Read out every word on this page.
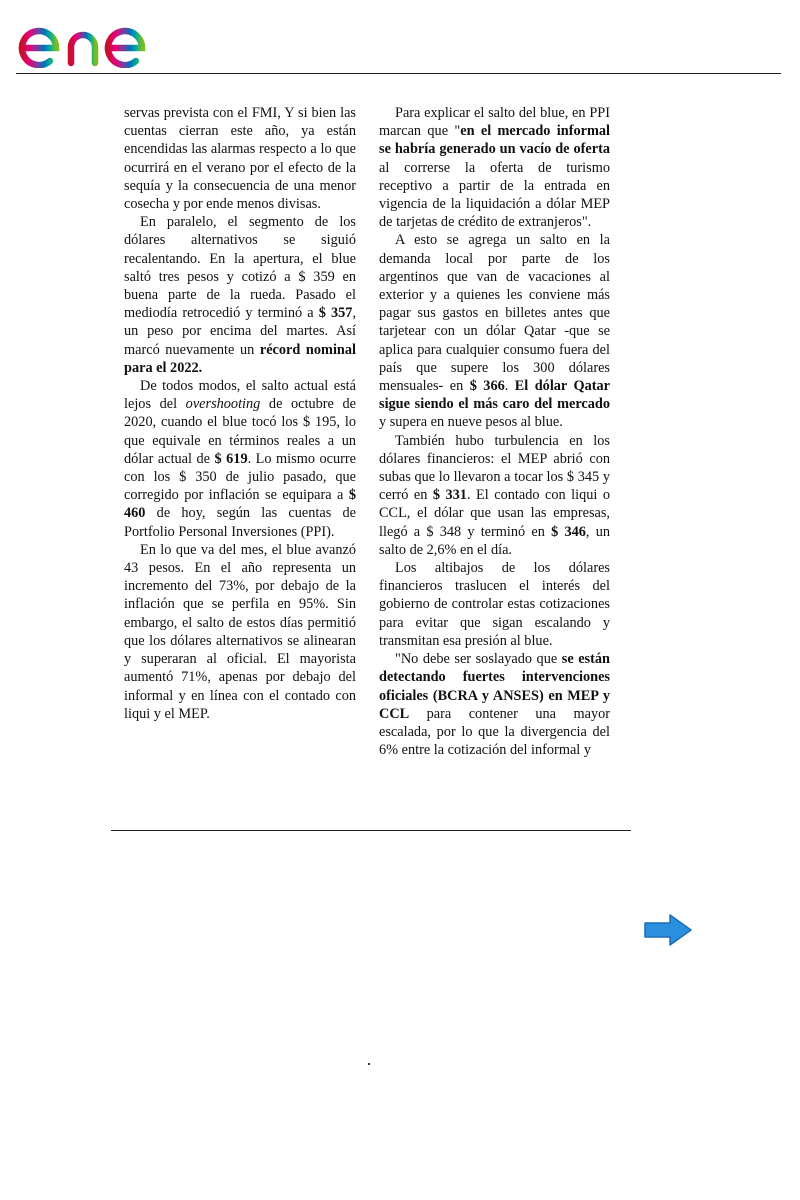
servas prevista con el FMI, Y si bien las cuentas cierran este año, ya están encendidas las alarmas respecto a lo que ocurrirá en el verano por el efecto de la sequía y la consecuencia de una menor cosecha y por ende menos divisas.

En paralelo, el segmento de los dólares alternativos se siguió recalentando. En la apertura, el blue saltó tres pesos y cotizó a $ 359 en buena parte de la rueda. Pasado el mediodía retrocedió y terminó a $ 357, un peso por encima del martes. Así marcó nuevamente un récord nominal para el 2022.

De todos modos, el salto actual está lejos del overshooting de octubre de 2020, cuando el blue tocó los $ 195, lo que equivale en términos reales a un dólar actual de $ 619. Lo mismo ocurre con los $ 350 de julio pasado, que corregido por inflación se equipara a $ 460 de hoy, según las cuentas de Portfolio Personal Inversiones (PPI).

En lo que va del mes, el blue avanzó 43 pesos. En el año representa un incremento del 73%, por debajo de la inflación que se perfila en 95%. Sin embargo, el salto de estos días permitió que los dólares alternativos se alinearan y superaran al oficial. El mayorista aumentó 71%, apenas por debajo del informal y en línea con el contado con liqui y el MEP.

Para explicar el salto del blue, en PPI marcan que "en el mercado informal se habría generado un vacío de oferta al correrse la oferta de turismo receptivo a partir de la entrada en vigencia de la liquidación a dólar MEP de tarjetas de crédito de extranjeros".

A esto se agrega un salto en la demanda local por parte de los argentinos que van de vacaciones al exterior y a quienes les conviene más pagar sus gastos en billetes antes que tarjetear con un dólar Qatar -que se aplica para cualquier consumo fuera del país que supere los 300 dólares mensuales- en $ 366. El dólar Qatar sigue siendo el más caro del mercado y supera en nueve pesos al blue.

También hubo turbulencia en los dólares financieros: el MEP abrió con subas que lo llevaron a tocar los $ 345 y cerró en $ 331. El contado con liqui o CCL, el dólar que usan las empresas, llegó a $ 348 y terminó en $ 346, un salto de 2,6% en el día.

Los altibajos de los dólares financieros traslucen el interés del gobierno de controlar estas cotizaciones para evitar que sigan escalando y transmitan esa presión al blue.

"No debe ser soslayado que se están detectando fuertes intervenciones oficiales (BCRA y ANSES) en MEP y CCL para contener una mayor escalada, por lo que la divergencia del 6% entre la cotización del informal y
